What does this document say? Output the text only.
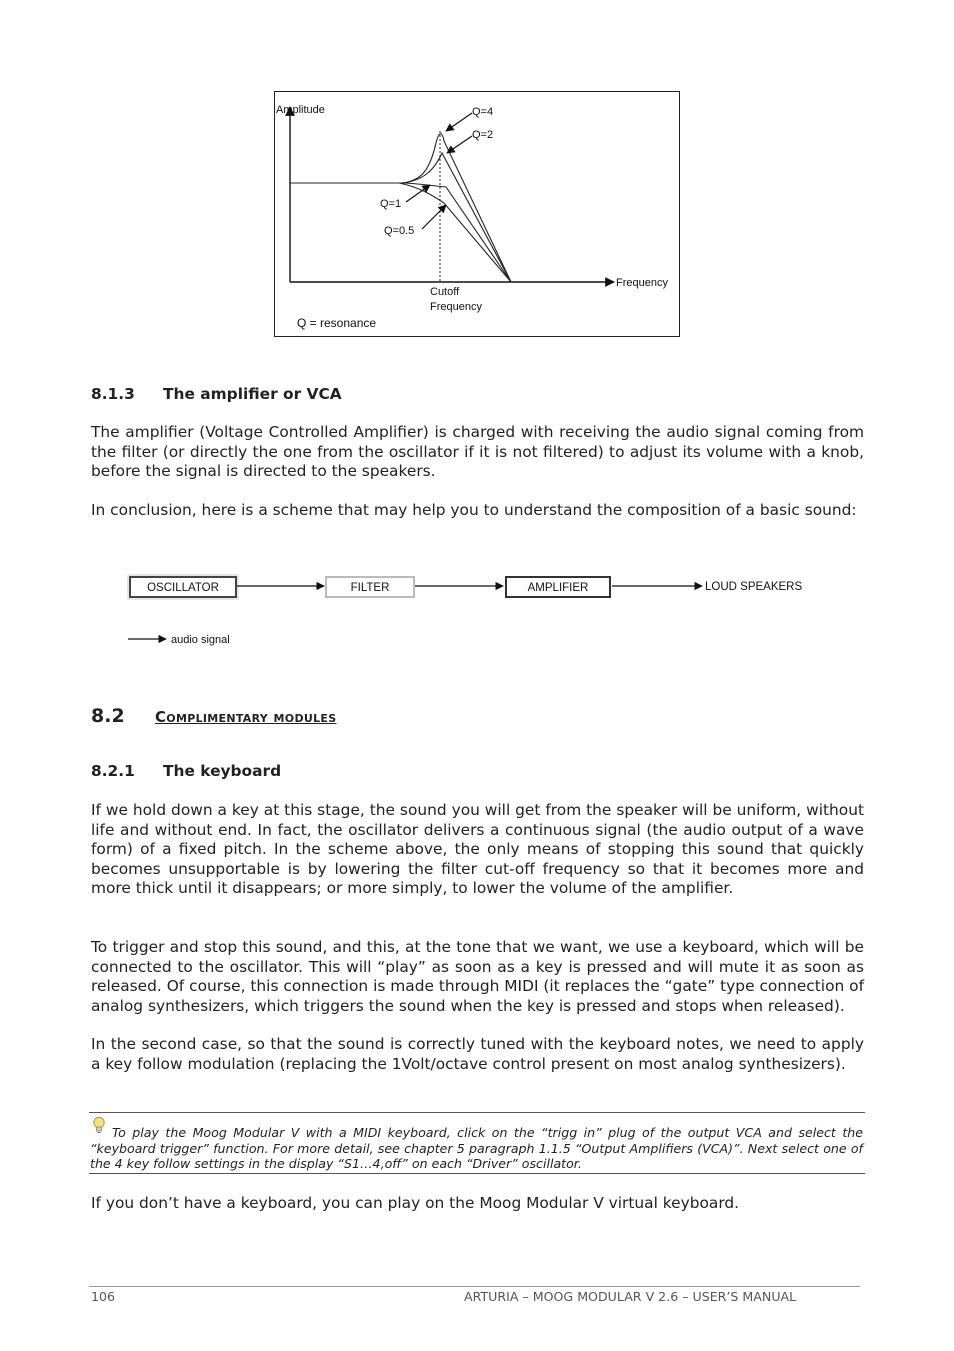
Amplitude
Frequency
Cutoff
Frequency
Q=4
Q=2
Q=1
Q=0.5
Q = resonance
8.1.3 The amplifier or VCA

The amplifier (Voltage Controlled Amplifier) is charged with receiving the audio signal coming from the filter (or directly the one from the oscillator if it is not filtered) to adjust its volume with a knob, before the signal is directed to the speakers.

In conclusion, here is a scheme that may help you to understand the composition of a basic sound:

OSCILLATOR	FILTER	AMPLIFIER	LOUD SPEAKERS
audio signal
8.2 Complimentary modules
8.2.1 The keyboard

If we hold down a key at this stage, the sound you will get from the speaker will be uniform, without life and without end. In fact, the oscillator delivers a continuous signal (the audio output of a wave form) of a fixed pitch. In the scheme above, the only means of stopping this sound that quickly becomes unsupportable is by lowering the filter cut-off frequency so that it becomes more and more thick until it disappears; or more simply, to lower the volume of the amplifier.

To trigger and stop this sound, and this, at the tone that we want, we use a keyboard, which will be connected to the oscillator. This will “play” as soon as a key is pressed and will mute it as soon as released. Of course, this connection is made through MIDI (it replaces the “gate” type connection of analog synthesizers, which triggers the sound when the key is pressed and stops when released).

In the second case, so that the sound is correctly tuned with the keyboard notes, we need to apply a key follow modulation (replacing the 1Volt/octave control present on most analog synthesizers).

To play the Moog Modular V with a MIDI keyboard, click on the “trigg in” plug of the output VCA and select the “keyboard trigger” function. For more detail, see chapter 5 paragraph 1.1.5 “Output Amplifiers (VCA)”. Next select one of the 4 key follow settings in the display “S1…4,off” on each “Driver” oscillator.

If you don’t have a keyboard, you can play on the Moog Modular V virtual keyboard.

106	ARTURIA – MOOG MODULAR V 2.6 – USER’S MANUAL
